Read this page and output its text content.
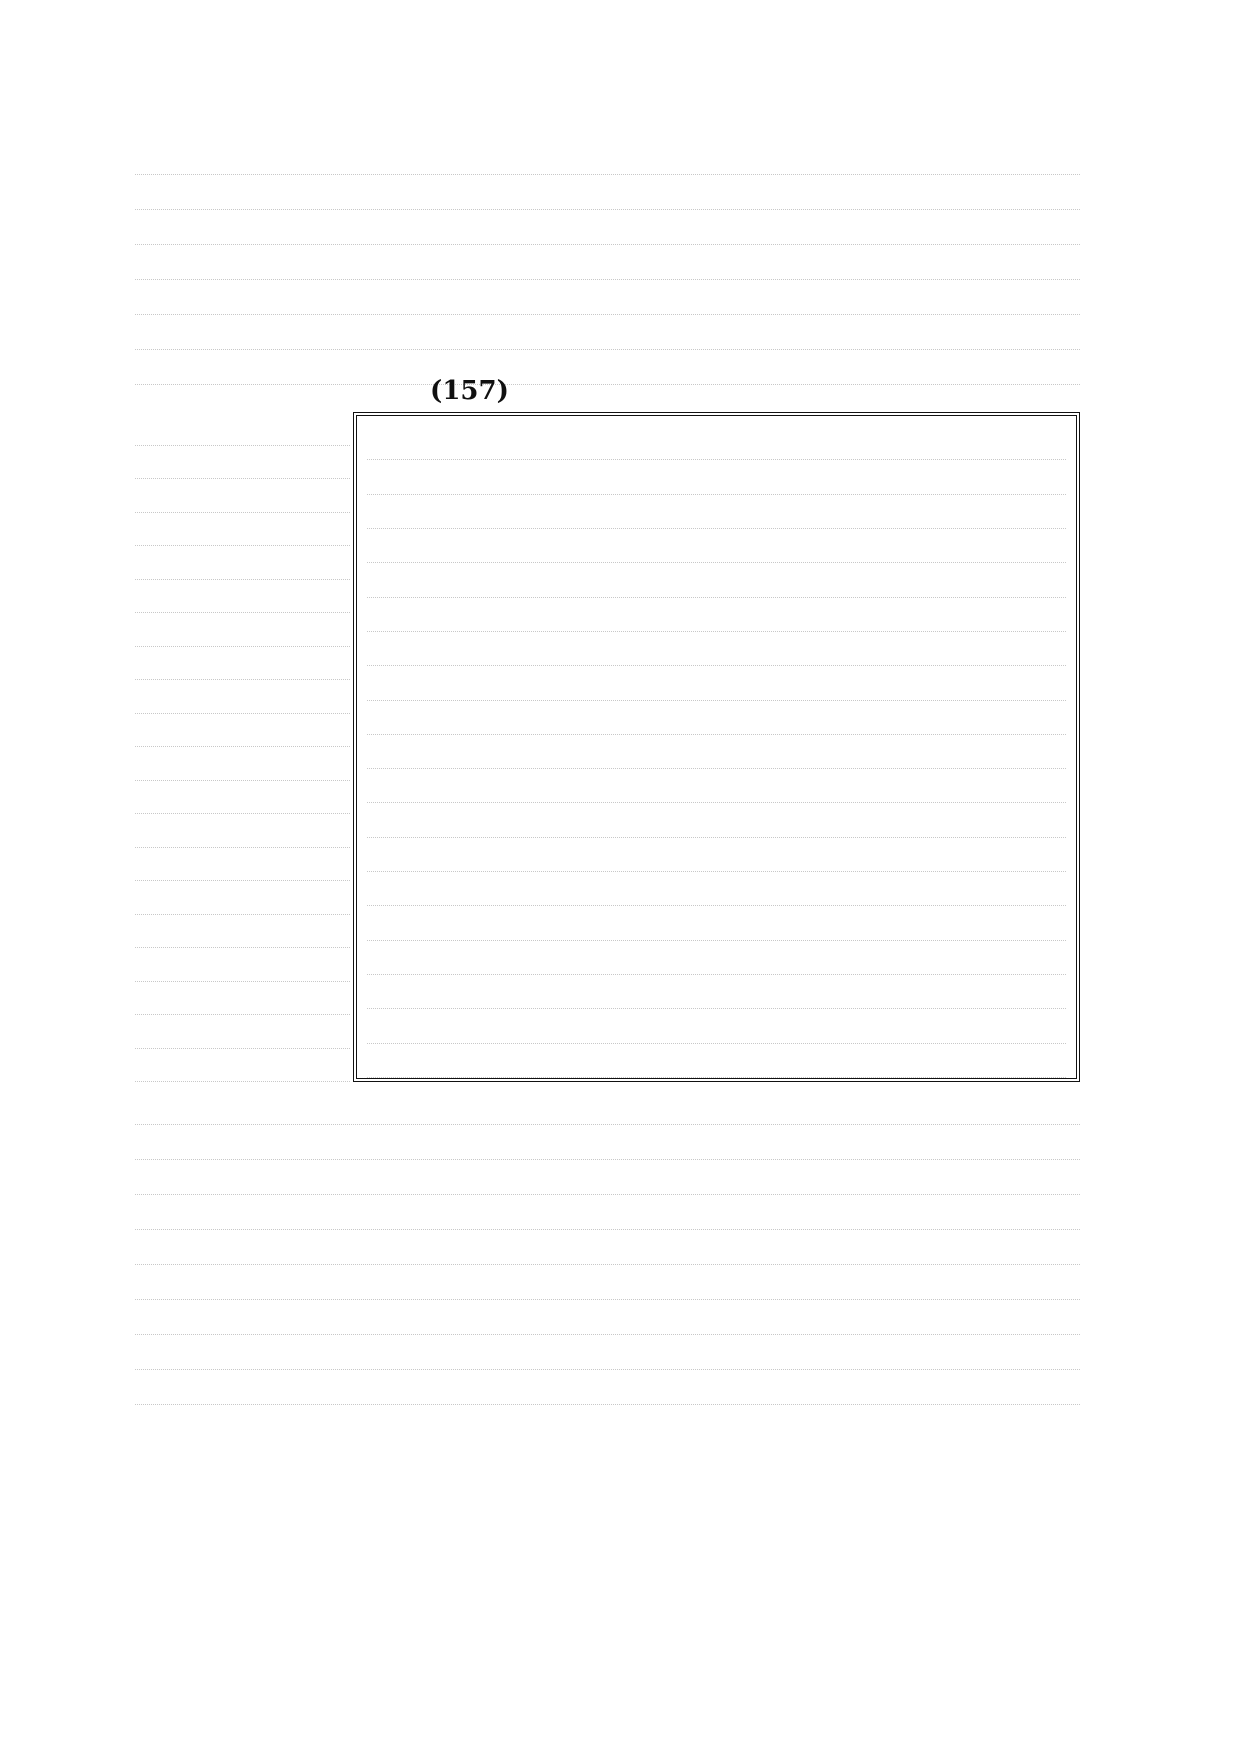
(157)
